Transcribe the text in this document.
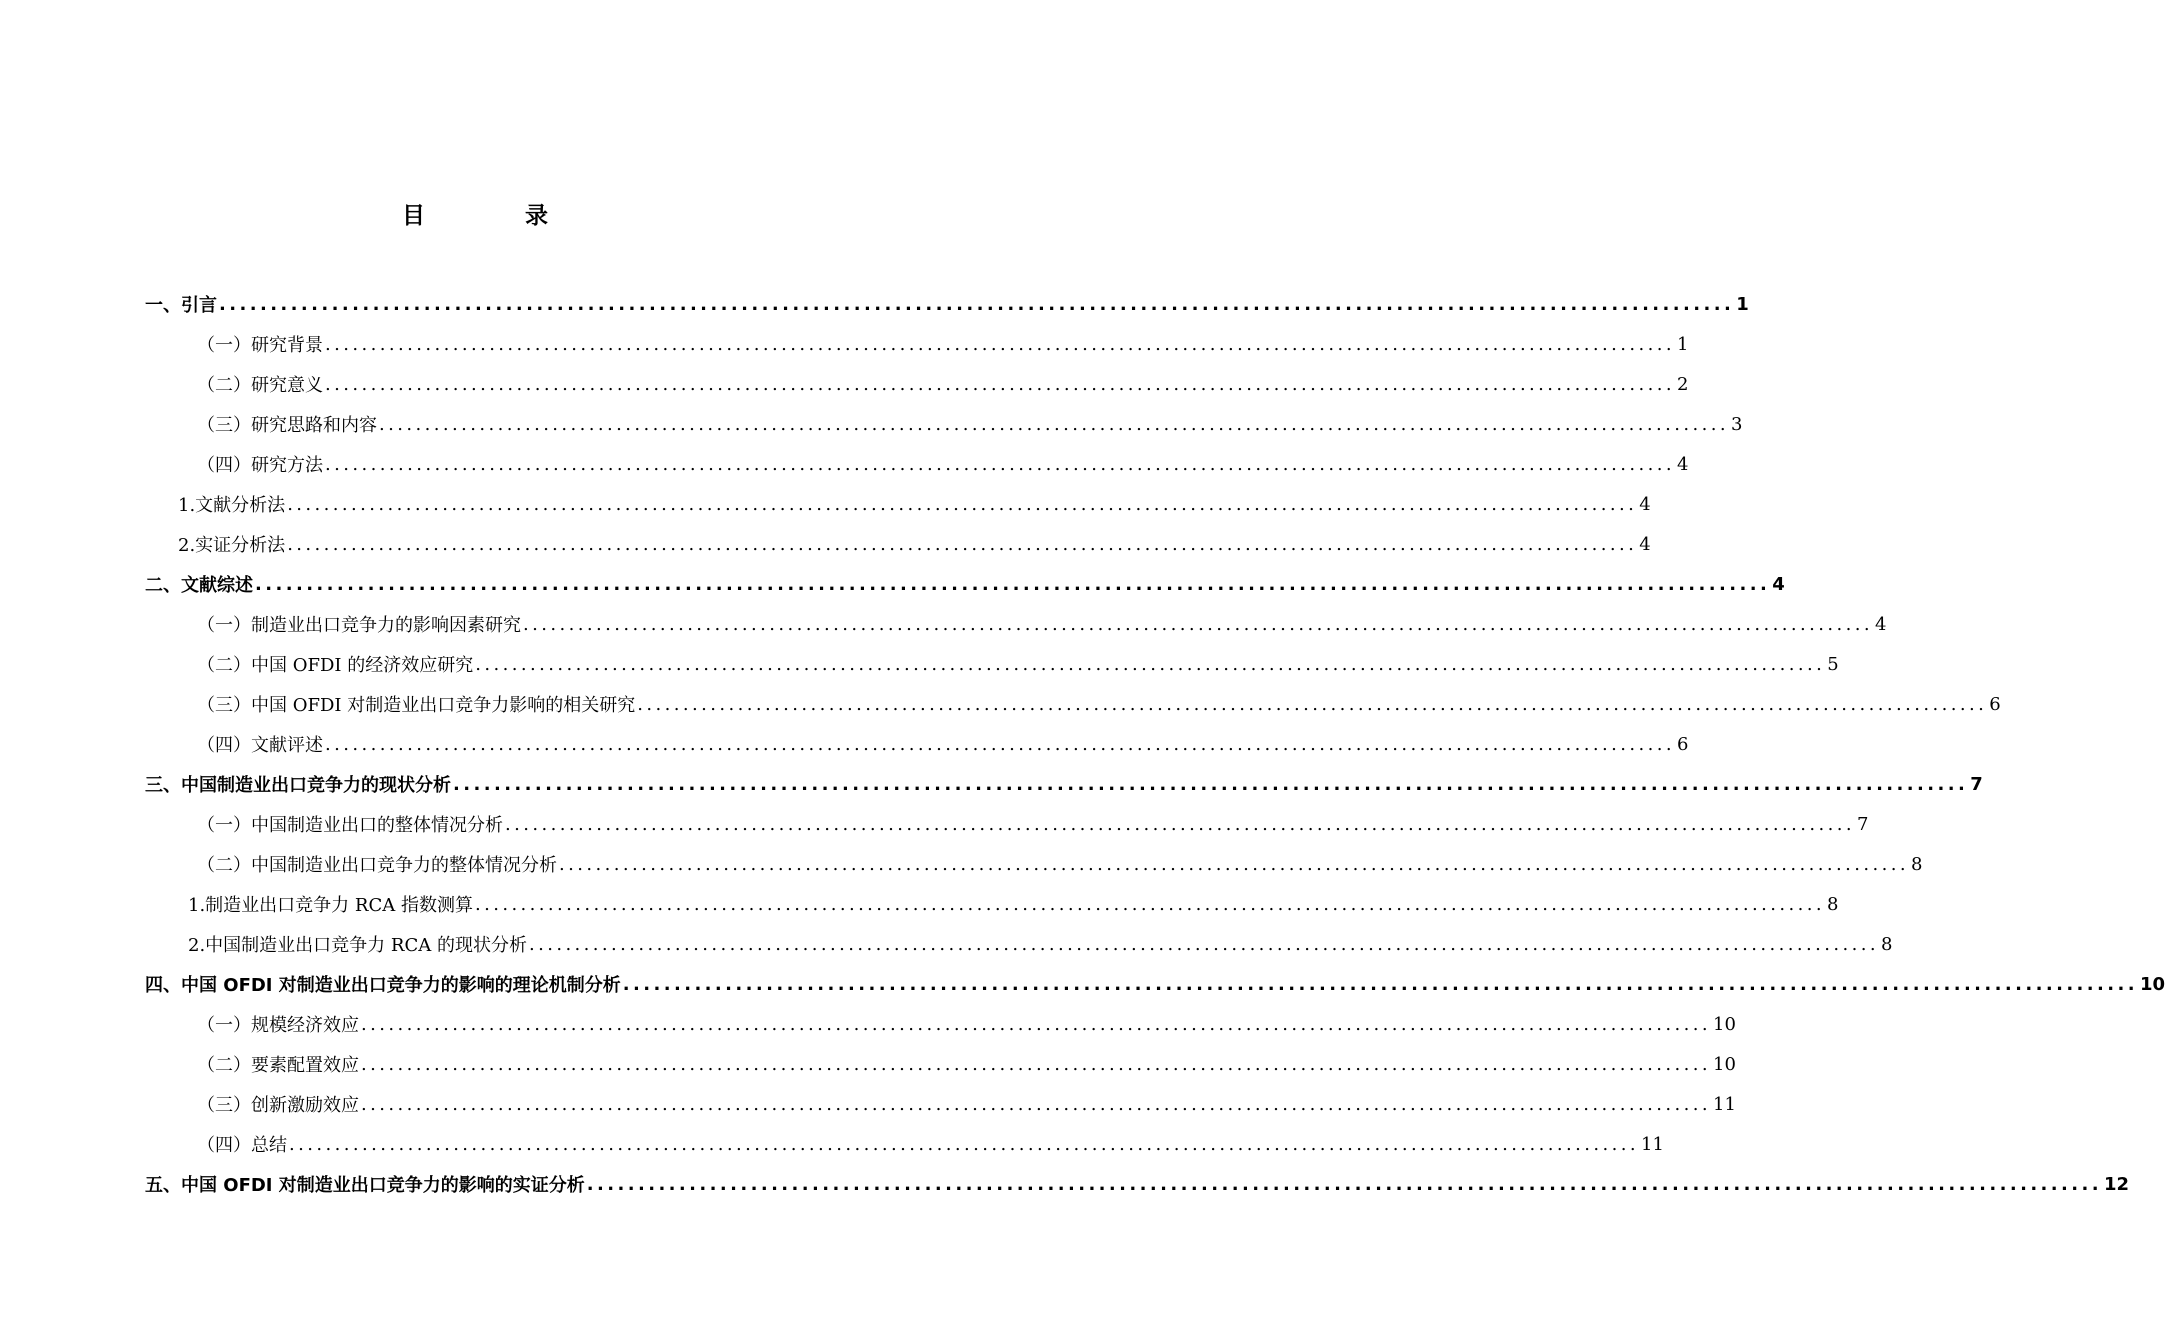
目 录
一、引言 .................................................................................................................................................... 1
（一）研究背景 .................................................................................................................................................... 1
（二）研究意义 .................................................................................................................................................... 2
（三）研究思路和内容 .................................................................................................................................................... 3
（四）研究方法 .................................................................................................................................................... 4
1.文献分析法 .................................................................................................................................................... 4
2.实证分析法 .................................................................................................................................................... 4
二、文献综述 .................................................................................................................................................... 4
（一）制造业出口竞争力的影响因素研究 .................................................................................................................................................... 4
（二）中国 OFDI 的经济效应研究 .................................................................................................................................................... 5
（三）中国 OFDI 对制造业出口竞争力影响的相关研究 .................................................................................................................................................... 6
（四）文献评述 .................................................................................................................................................... 6
三、中国制造业出口竞争力的现状分析 .................................................................................................................................................... 7
（一）中国制造业出口的整体情况分析 .................................................................................................................................................... 7
（二）中国制造业出口竞争力的整体情况分析 .................................................................................................................................................... 8
1.制造业出口竞争力 RCA 指数测算 .................................................................................................................................................... 8
2.中国制造业出口竞争力 RCA 的现状分析 .................................................................................................................................................... 8
四、中国 OFDI 对制造业出口竞争力的影响的理论机制分析 .................................................................................................................................................... 10
（一）规模经济效应 .................................................................................................................................................... 10
（二）要素配置效应 .................................................................................................................................................... 10
（三）创新激励效应 .................................................................................................................................................... 11
（四）总结 .................................................................................................................................................... 11
五、中国 OFDI 对制造业出口竞争力的影响的实证分析 .................................................................................................................................................... 12
